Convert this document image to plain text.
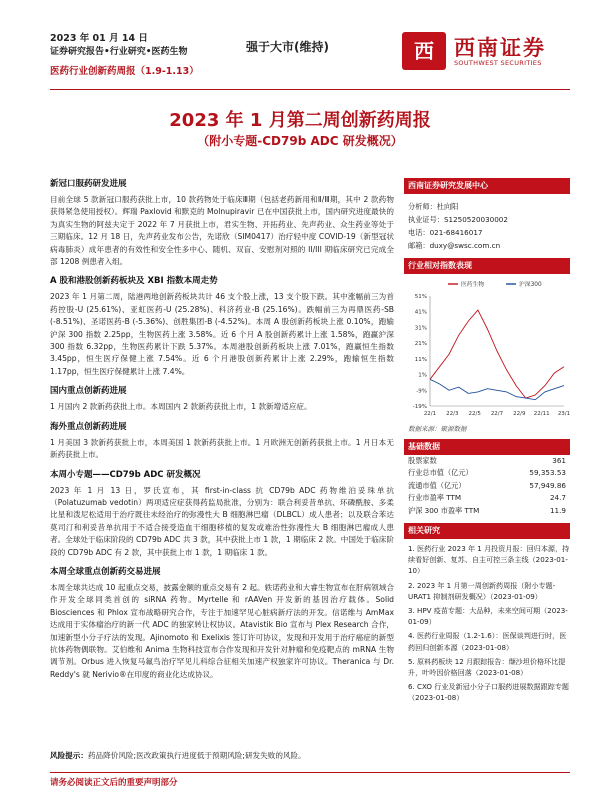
2023 年 01 月 14 日
证券研究报告•行业研究•医药生物
医药行业创新药周报（1.9-1.13）
强于大市(维持)	西 西南证券
SOUTHWEST SECURITIES
2023 年 1 月第二周创新药周报
（附小专题-CD79b ADC 研发概况）
新冠口服药研发进展

目前全球 5 款新冠口服药获批上市，10 款药物处于临床Ⅲ期（包括老药新用和Ⅱ/Ⅲ期，其中 2 款药物获得紧急使用授权）。辉瑞 Paxlovid 和默克的 Molnupiravir 已在中国获批上市，国内研究进度最快的为真实生物的阿兹夫定于 2022 年 7 月获批上市，君实生物、开拓药业、先声药业、众生药业等处于三期临床。12 月 18 日，先声药业发布公告，先诺欣（SIM0417）治疗轻中度 COVID-19（新型冠状病毒肺炎）成年患者的有效性和安全性多中心、随机、双盲、安慰剂对照的 II/III 期临床研究已完成全部 1208 例患者入组。

A 股和港股创新药板块及 XBI 指数本周走势

2023 年 1 月第二周，陆港两地创新药板块共计 46 支个股上涨，13 支个股下跌。其中涨幅前三为首药控股-U (25.61%)、亚虹医药-U (25.28%)、科济药业-B (25.16%)。跌幅前三为再鼎医药-SB (-8.51%)、圣诺医药-B (-5.36%)、创胜集团-B (-4.52%)。本周 A 股创新药板块上涨 0.10%，跑输沪深 300 指数 2.25pp，生物医药上涨 3.58%。近 6 个月 A 股创新药累计上涨 1.58%，跑赢沪深 300 指数 6.32pp，生物医药累计下跌 5.37%。本周港股创新药板块上涨 7.01%，跑赢恒生指数 3.45pp，恒生医疗保健上涨 7.54%。近 6 个月港股创新药累计上涨 2.29%，跑输恒生指数 1.17pp，恒生医疗保健累计上涨 7.4%。

国内重点创新药进展

1 月国内 2 款新药获批上市。本周国内 2 款新药获批上市，1 款新增适应症。

海外重点创新药进展

1 月美国 3 款新药获批上市，本周美国 1 款新药获批上市。1 月欧洲无创新药获批上市。1 月日本无新药获批上市。

本周小专题——CD79b ADC 研发概况

2023 年 1 月 13 日，罗氏宣布，其 first-in-class 抗 CD79b ADC 药物维泊妥珠单抗（Polatuzumab vedotin）两项适应症获得药监局批准，分别为：联合利妥昔单抗、环磷酰胺、多柔比星和泼尼松适用于治疗既往未经治疗的弥漫性大 B 细胞淋巴瘤（DLBCL）成人患者；以及联合苯达莫司汀和利妥昔单抗用于不适合接受造血干细胞移植的复发或难治性弥漫性大 B 细胞淋巴瘤成人患者。全球处于临床阶段的 CD79b ADC 共 3 款，其中获批上市 1 款，1 期临床 2 款。中国处于临床阶段的 CD79b ADC 有 2 款，其中获批上市 1 款，1 期临床 1 款。

本周全球重点创新药交易进展

本周全球共达成 10 起重点交易，披露金额的重点交易有 2 起。轶诺药业和大睿生物宣布在肝病领域合作开发全球同类首创的 siRNA 药物。Myrtelle 和 rAAVen 开发新的基因治疗载体。Solid Biosciences 和 Phlox 宣布战略研究合作，专注于加速罕见心脏病新疗法的开发。信诺维与 AmMax 达成用于实体瘤治疗的新一代 ADC 的独家转让权协议。Atavistik Bio 宣布与 Plex Research 合作，加速新型小分子疗法的发现。Ajinomoto 和 Exelixis 签订许可协议，发现和开发用于治疗癌症的新型抗体药物偶联物。艾伯维和 Anima 生物科技宣布合作发现和开发针对肿瘤和免疫靶点的 mRNA 生物调节剂。Orbus 进入恢复马氟鸟治疗罕见儿科综合征相关加速产权独家许可协议。Theranica 与 Dr. Reddy's 就 Nerivio®在印度的商业化达成协议。

风险提示：药品降价风险;医改政策执行进度低于预期风险;研发失败的风险。
西南证券研究发展中心
分析师：杜向阳
执业证号：S1250520030002
电话：021-68416017
邮箱：duxy@swsc.com.cn
行业相对指数表现
-19%
-9%
1%
11%
21%
31%
41%
51%
22/1 22/3 22/5 22/7 22/9 22/11 23/1
医药生物	沪深300
数据来源：聚源数据
基础数据
股票家数	361
行业总市值（亿元）	59,353.53
流通市值（亿元）	57,949.86
行业市盈率 TTM	24.7
沪深 300 市盈率 TTM	11.9
相关研究
1. 医药行业 2023 年 1 月投资月报：回归本源，持续看好创新、复苏、自主可控三条主线（2023-01-10）
2. 2023 年 1 月第一周创新药周报（附小专题-URAT1 抑制剂研发概况）（2023-01-09）
3. HPV 疫苗专题：大品种，未来空间可期（2023-01-09）
4. 医药行业周报（1.2-1.6）：医保谈判进行时，医药回归创新本源（2023-01-08）
5. 原料药板块 12 月跟踪报告：缬沙坦价格环比提升，叶呤因价格回落（2023-01-08）
6. CXO 行业及新冠小分子口服药进展数据跟踪专题（2023-01-08）
请务必阅读正文后的重要声明部分
